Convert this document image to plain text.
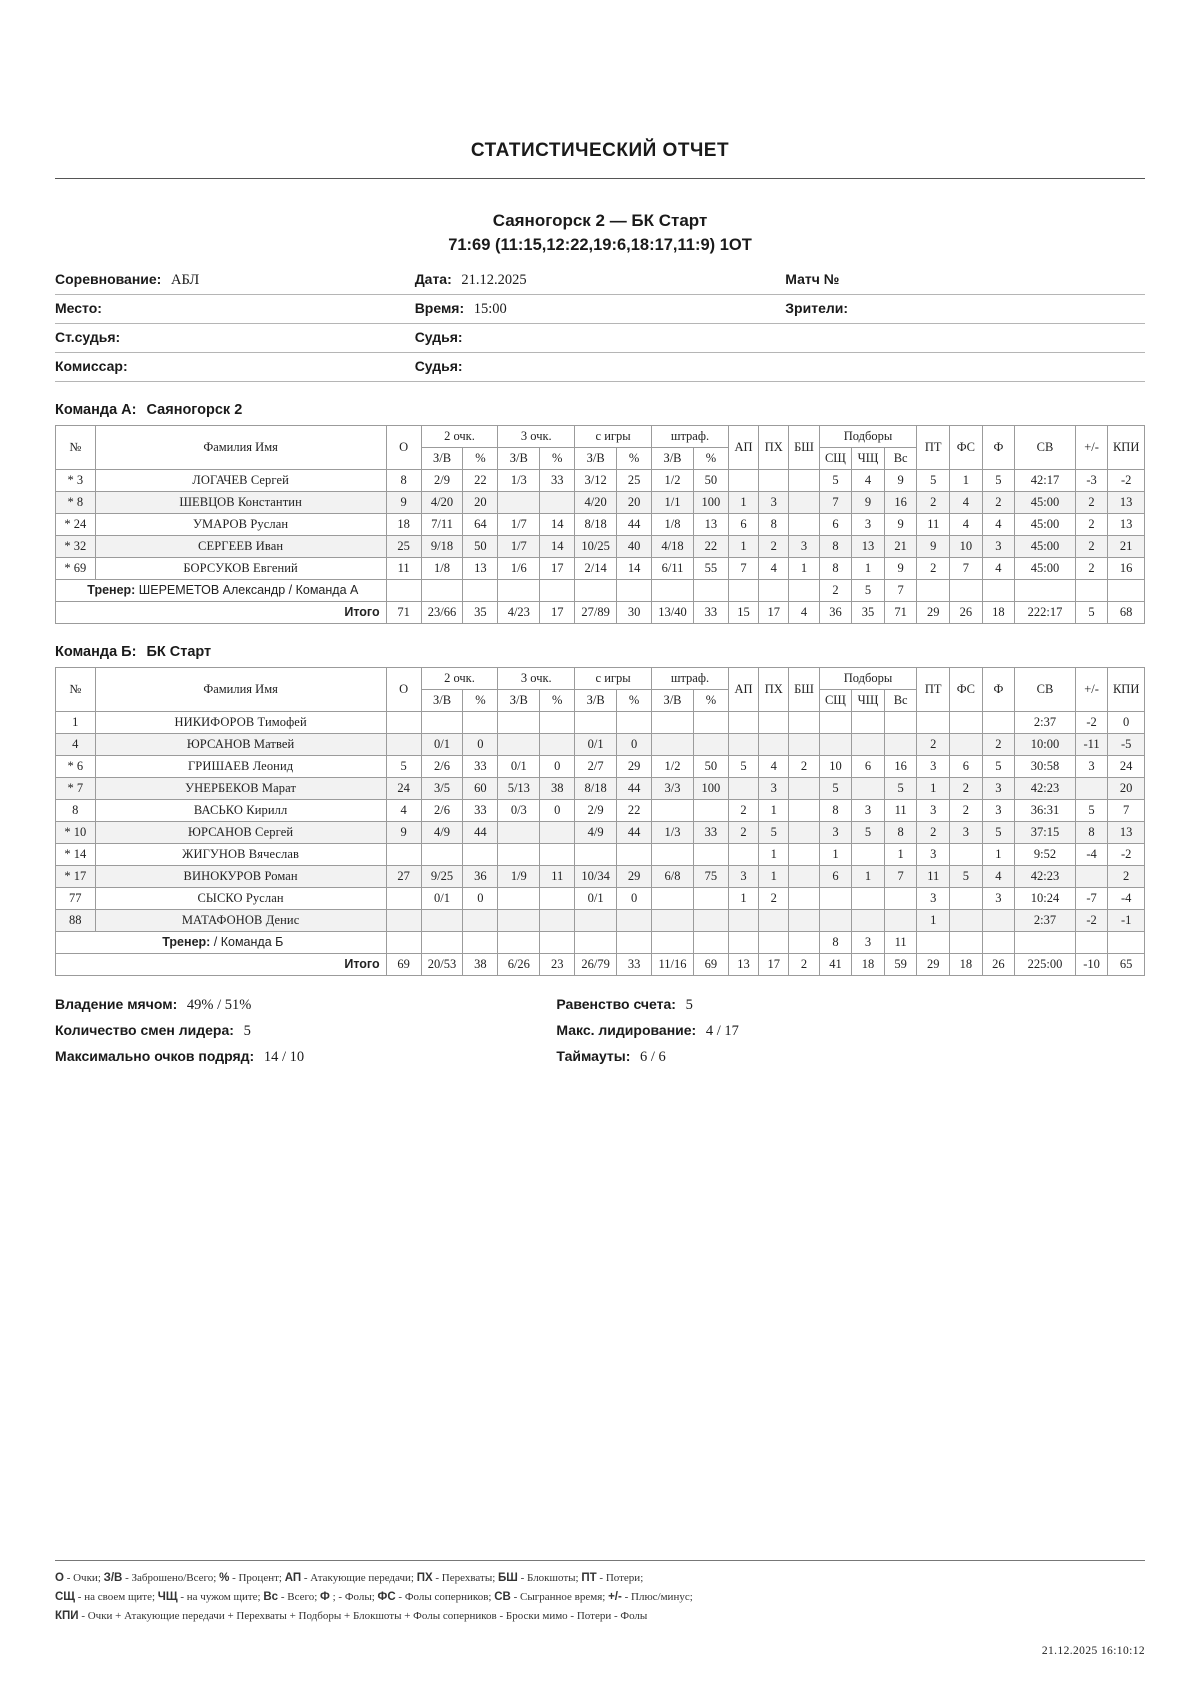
СТАТИСТИЧЕСКИЙ ОТЧЕТ
Саяногорск 2 — БК Старт
71:69 (11:15,12:22,19:6,18:17,11:9) 1ОТ
Соревнование: АБЛ	Дата: 21.12.2025	Матч №
Место:	Время: 15:00	Зрители:
Ст.судья:	Судья:	
Комиссар:	Судья:	
Команда А: Саяногорск 2
№	Фамилия Имя	О	2 очк.		3 очк.		с игры		штраф.		АП	ПХ	БШ	Подборы			ПТ	ФС	Ф	СВ	+/-	КПИ
			З/В	%	З/В	%	З/В	%	З/В	%				СЩ	ЧЩ	Вс						
* 3	ЛОГАЧЕВ Сергей	8	2/9	22	1/3	33	3/12	25	1/2	50				5	4	9	5	1	5	42:17	-3	-2
* 8	ШЕВЦОВ Константин	9	4/20	20			4/20	20	1/1	100	1	3		7	9	16	2	4	2	45:00	2	13
* 24	УМАРОВ Руслан	18	7/11	64	1/7	14	8/18	44	1/8	13	6	8		6	3	9	11	4	4	45:00	2	13
* 32	СЕРГЕЕВ Иван	25	9/18	50	1/7	14	10/25	40	4/18	22	1	2	3	8	13	21	9	10	3	45:00	2	21
* 69	БОРСУКОВ Евгений	11	1/8	13	1/6	17	2/14	14	6/11	55	7	4	1	8	1	9	2	7	4	45:00	2	16
Тренер: ШЕРЕМЕТОВ Александр / Команда А														2	5	7						
Итого		71	23/66	35	4/23	17	27/89	30	13/40	33	15	17	4	36	35	71	29	26	18	222:17	5	68
Команда Б: БК Старт
№	Фамилия Имя	О	2 очк.		3 очк.		с игры		штраф.		АП	ПХ	БШ	Подборы			ПТ	ФС	Ф	СВ	+/-	КПИ
			З/В	%	З/В	%	З/В	%	З/В	%				СЩ	ЧЩ	Вс						
1	НИКИФОРОВ Тимофей																			2:37	-2	0
4	ЮРСАНОВ Матвей		0/1	0			0/1	0									2		2	10:00	-11	-5
* 6	ГРИШАЕВ Леонид	5	2/6	33	0/1	0	2/7	29	1/2	50	5	4	2	10	6	16	3	6	5	30:58	3	24
* 7	УНЕРБЕКОВ Марат	24	3/5	60	5/13	38	8/18	44	3/3	100		3		5		5	1	2	3	42:23		20
8	ВАСЬКО Кирилл	4	2/6	33	0/3	0	2/9	22			2	1		8	3	11	3	2	3	36:31	5	7
* 10	ЮРСАНОВ Сергей	9	4/9	44			4/9	44	1/3	33	2	5		3	5	8	2	3	5	37:15	8	13
* 14	ЖИГУНОВ Вячеслав											1		1		1	3		1	9:52	-4	-2
* 17	ВИНОКУРОВ Роман	27	9/25	36	1/9	11	10/34	29	6/8	75	3	1		6	1	7	11	5	4	42:23		2
77	СЫСКО Руслан		0/1	0			0/1	0			1	2					3		3	10:24	-7	-4
88	МАТАФОНОВ Денис																1			2:37	-2	-1
Тренер: / Команда Б														8	3	11						
Итого		69	20/53	38	6/26	23	26/79	33	11/16	69	13	17	2	41	18	59	29	18	26	225:00	-10	65
Владение мячом: 49% / 51%	Равенство счета: 5
Количество смен лидера: 5	Макс. лидирование: 4 / 17
Максимально очков подряд: 14 / 10	Таймауты: 6 / 6
О - Очки; З/В - Заброшено/Всего; % - Процент; АП - Атакующие передачи; ПХ - Перехваты; БШ - Блокшоты; ПТ - Потери;
СЩ - на своем щите; ЧЩ - на чужом щите; Вс - Всего; Ф ; - Фолы; ФС - Фолы соперников; СВ - Сыгранное время; +/- - Плюс/минус;
КПИ - Очки + Атакующие передачи + Перехваты + Подборы + Блокшоты + Фолы соперников - Броски мимо - Потери - Фолы
21.12.2025 16:10:12
